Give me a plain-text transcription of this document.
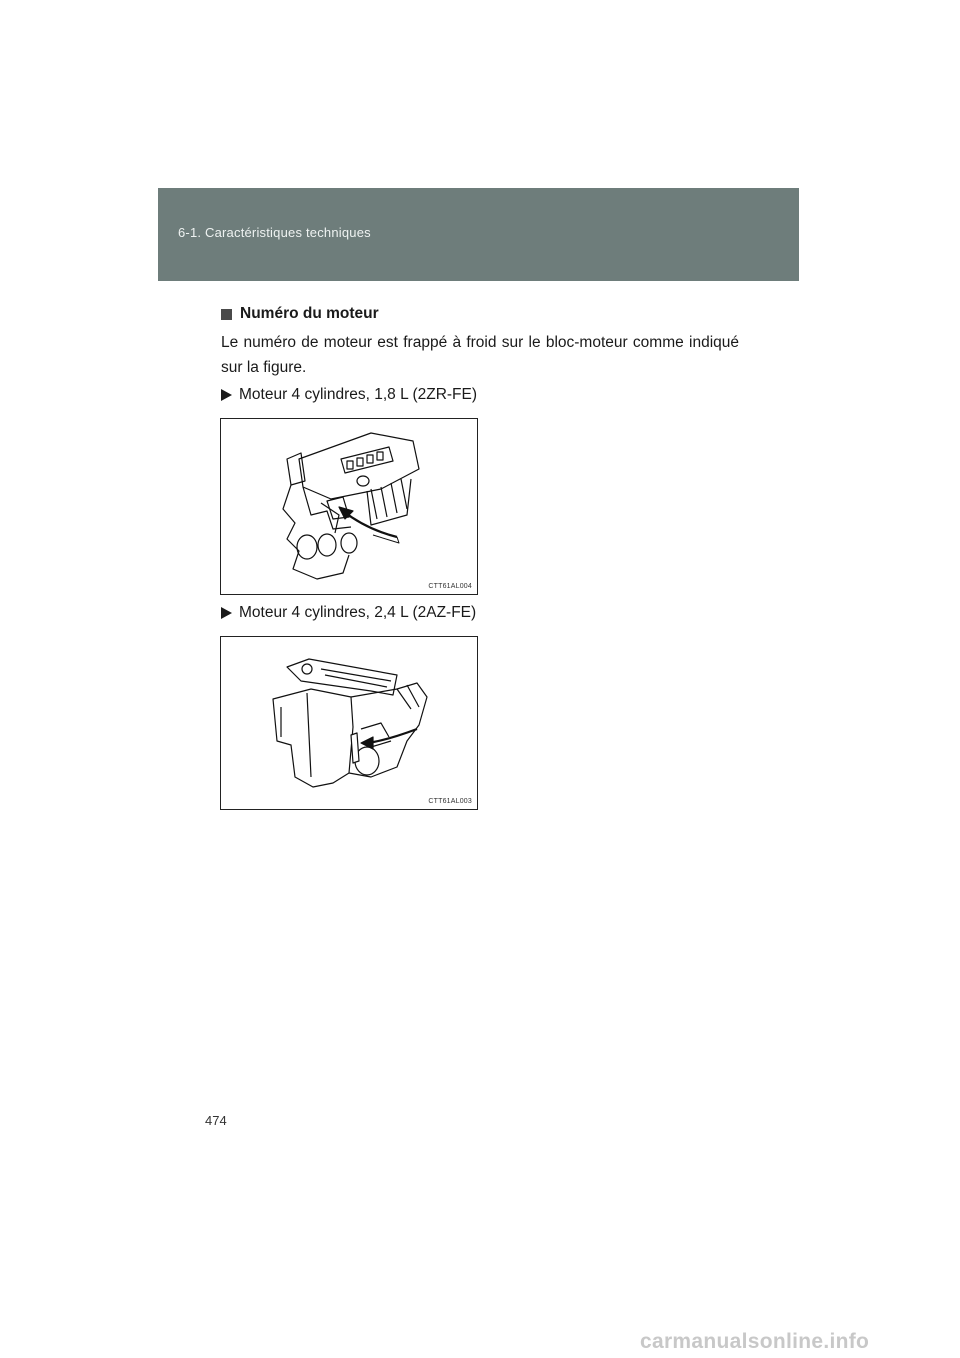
6-1. Caractéristiques techniques
Numéro du moteur
Le numéro de moteur est frappé à froid sur le bloc-moteur comme indiqué sur la figure.
Moteur 4 cylindres, 1,8 L (2ZR-FE)
CTT61AL004
Moteur 4 cylindres, 2,4 L (2AZ-FE)
CTT61AL003
474
carmanualsonline.info
